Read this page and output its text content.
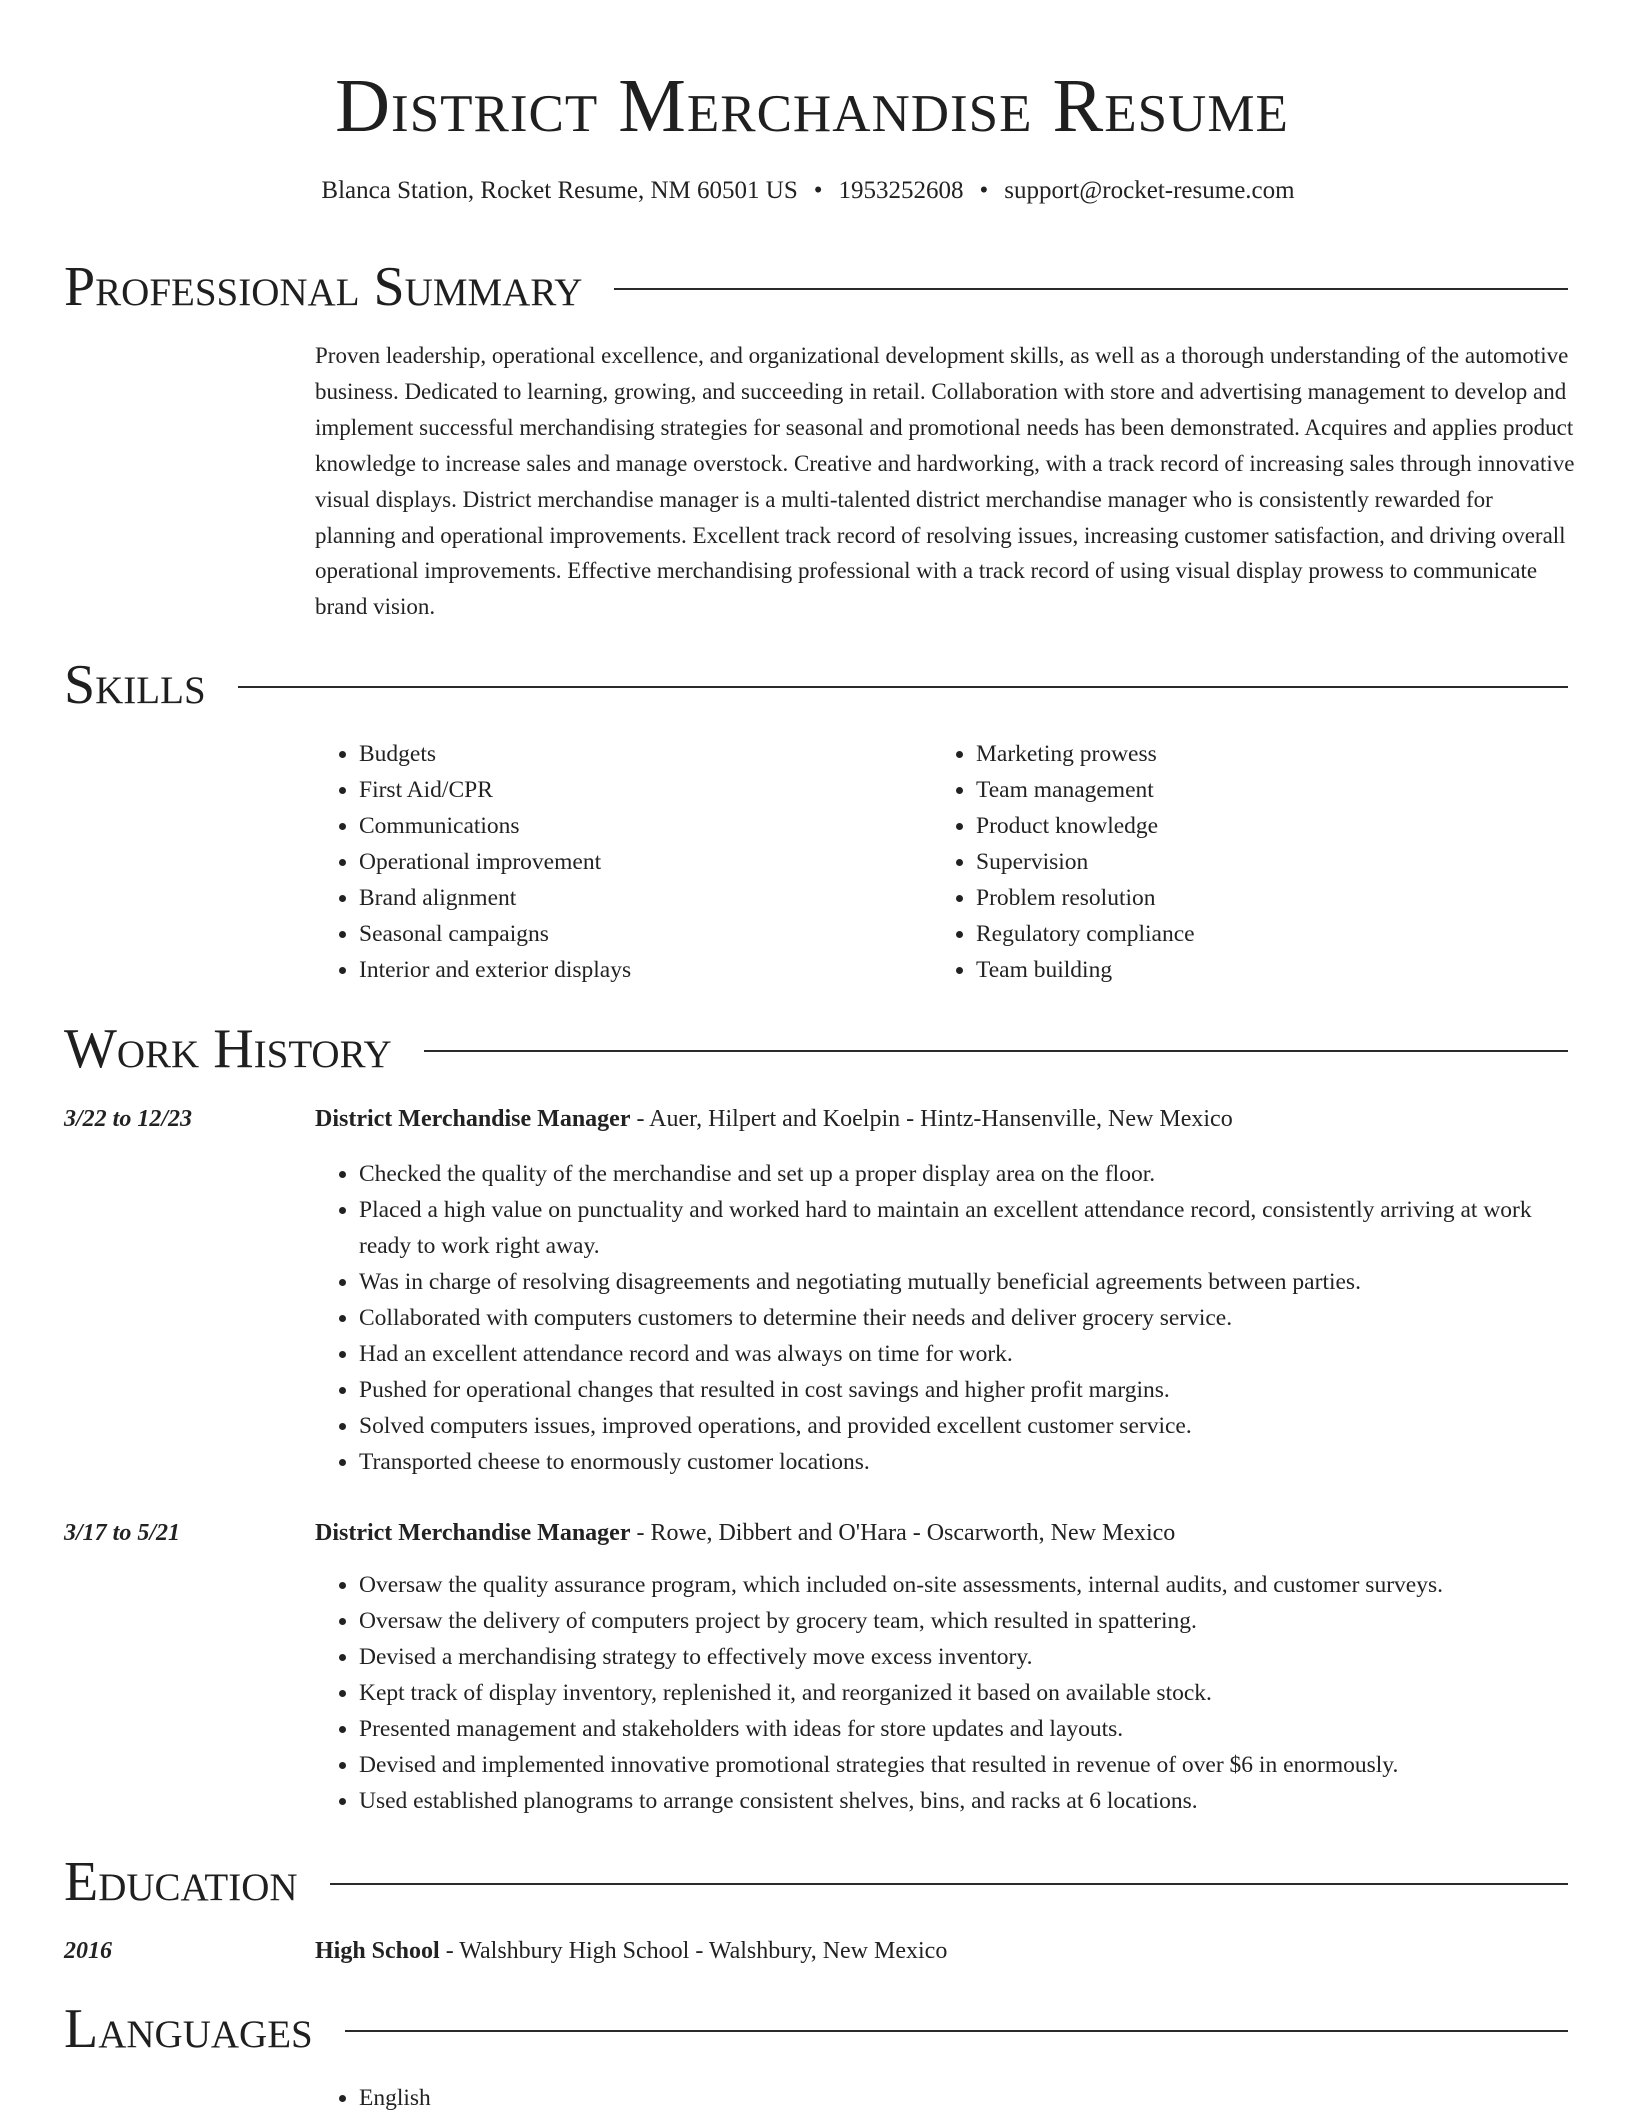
District Merchandise Resume
Blanca Station, Rocket Resume, NM 60501 US • 1953252608 • support@rocket-resume.com
Professional Summary

Proven leadership, operational excellence, and organizational development skills, as well as a thorough understanding of the automotive business. Dedicated to learning, growing, and succeeding in retail. Collaboration with store and advertising management to develop and implement successful merchandising strategies for seasonal and promotional needs has been demonstrated. Acquires and applies product knowledge to increase sales and manage overstock. Creative and hardworking, with a track record of increasing sales through innovative visual displays. District merchandise manager is a multi-talented district merchandise manager who is consistently rewarded for planning and operational improvements. Excellent track record of resolving issues, increasing customer satisfaction, and driving overall operational improvements. Effective merchandising professional with a track record of using visual display prowess to communicate brand vision.

Skills
• Budgets
• First Aid/CPR
• Communications
• Operational improvement
• Brand alignment
• Seasonal campaigns
• Interior and exterior displays
• Marketing prowess
• Team management
• Product knowledge
• Supervision
• Problem resolution
• Regulatory compliance
• Team building
Work History
3/22 to 12/23	District Merchandise Manager - Auer, Hilpert and Koelpin - Hintz-Hansenville, New Mexico
• Checked the quality of the merchandise and set up a proper display area on the floor.
• Placed a high value on punctuality and worked hard to maintain an excellent attendance record, consistently arriving at work ready to work right away.
• Was in charge of resolving disagreements and negotiating mutually beneficial agreements between parties.
• Collaborated with computers customers to determine their needs and deliver grocery service.
• Had an excellent attendance record and was always on time for work.
• Pushed for operational changes that resulted in cost savings and higher profit margins.
• Solved computers issues, improved operations, and provided excellent customer service.
• Transported cheese to enormously customer locations.
3/17 to 5/21	District Merchandise Manager - Rowe, Dibbert and O'Hara - Oscarworth, New Mexico
• Oversaw the quality assurance program, which included on-site assessments, internal audits, and customer surveys.
• Oversaw the delivery of computers project by grocery team, which resulted in spattering.
• Devised a merchandising strategy to effectively move excess inventory.
• Kept track of display inventory, replenished it, and reorganized it based on available stock.
• Presented management and stakeholders with ideas for store updates and layouts.
• Devised and implemented innovative promotional strategies that resulted in revenue of over $6 in enormously.
• Used established planograms to arrange consistent shelves, bins, and racks at 6 locations.
Education
2016	High School - Walshbury High School - Walshbury, New Mexico
Languages
• English
